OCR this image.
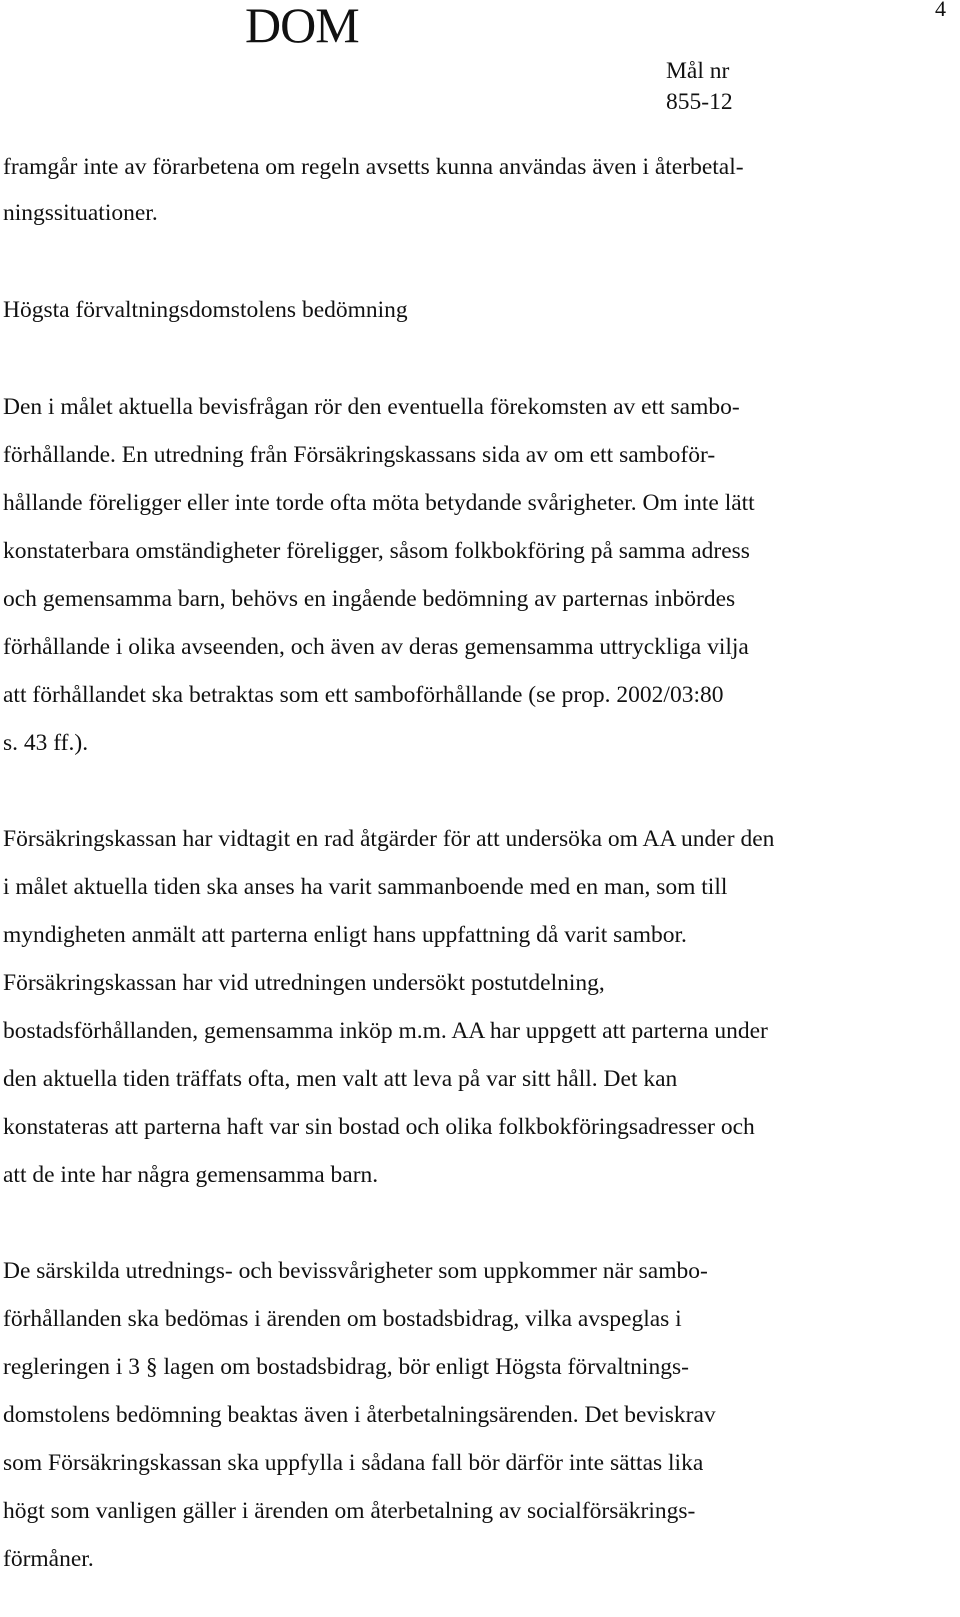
4
DOM
Mål nr
855-12
framgår inte av förarbetena om regeln avsetts kunna användas även i återbetal-
ningssituationer.
Högsta förvaltningsdomstolens bedömning
Den i målet aktuella bevisfrågan rör den eventuella förekomsten av ett sambo-
förhållande. En utredning från Försäkringskassans sida av om ett samboför-
hållande föreligger eller inte torde ofta möta betydande svårigheter. Om inte lätt
konstaterbara omständigheter föreligger, såsom folkbokföring på samma adress
och gemensamma barn, behövs en ingående bedömning av parternas inbördes
förhållande i olika avseenden, och även av deras gemensamma uttryckliga vilja
att förhållandet ska betraktas som ett samboförhållande (se prop. 2002/03:80
s. 43 ff.).
Försäkringskassan har vidtagit en rad åtgärder för att undersöka om AA under den
i målet aktuella tiden ska anses ha varit sammanboende med en man, som till
myndigheten anmält att parterna enligt hans uppfattning då varit sambor.
Försäkringskassan har vid utredningen undersökt postutdelning,
bostadsförhållanden, gemensamma inköp m.m. AA har uppgett att parterna under
den aktuella tiden träffats ofta, men valt att leva på var sitt håll. Det kan
konstateras att parterna haft var sin bostad och olika folkbokföringsadresser och
att de inte har några gemensamma barn.
De särskilda utrednings- och bevissvårigheter som uppkommer när sambo-
förhållanden ska bedömas i ärenden om bostadsbidrag, vilka avspeglas i
regleringen i 3 § lagen om bostadsbidrag, bör enligt Högsta förvaltnings-
domstolens bedömning beaktas även i återbetalningsärenden. Det beviskrav
som Försäkringskassan ska uppfylla i sådana fall bör därför inte sättas lika
högt som vanligen gäller i ärenden om återbetalning av socialförsäkrings-
förmåner.
